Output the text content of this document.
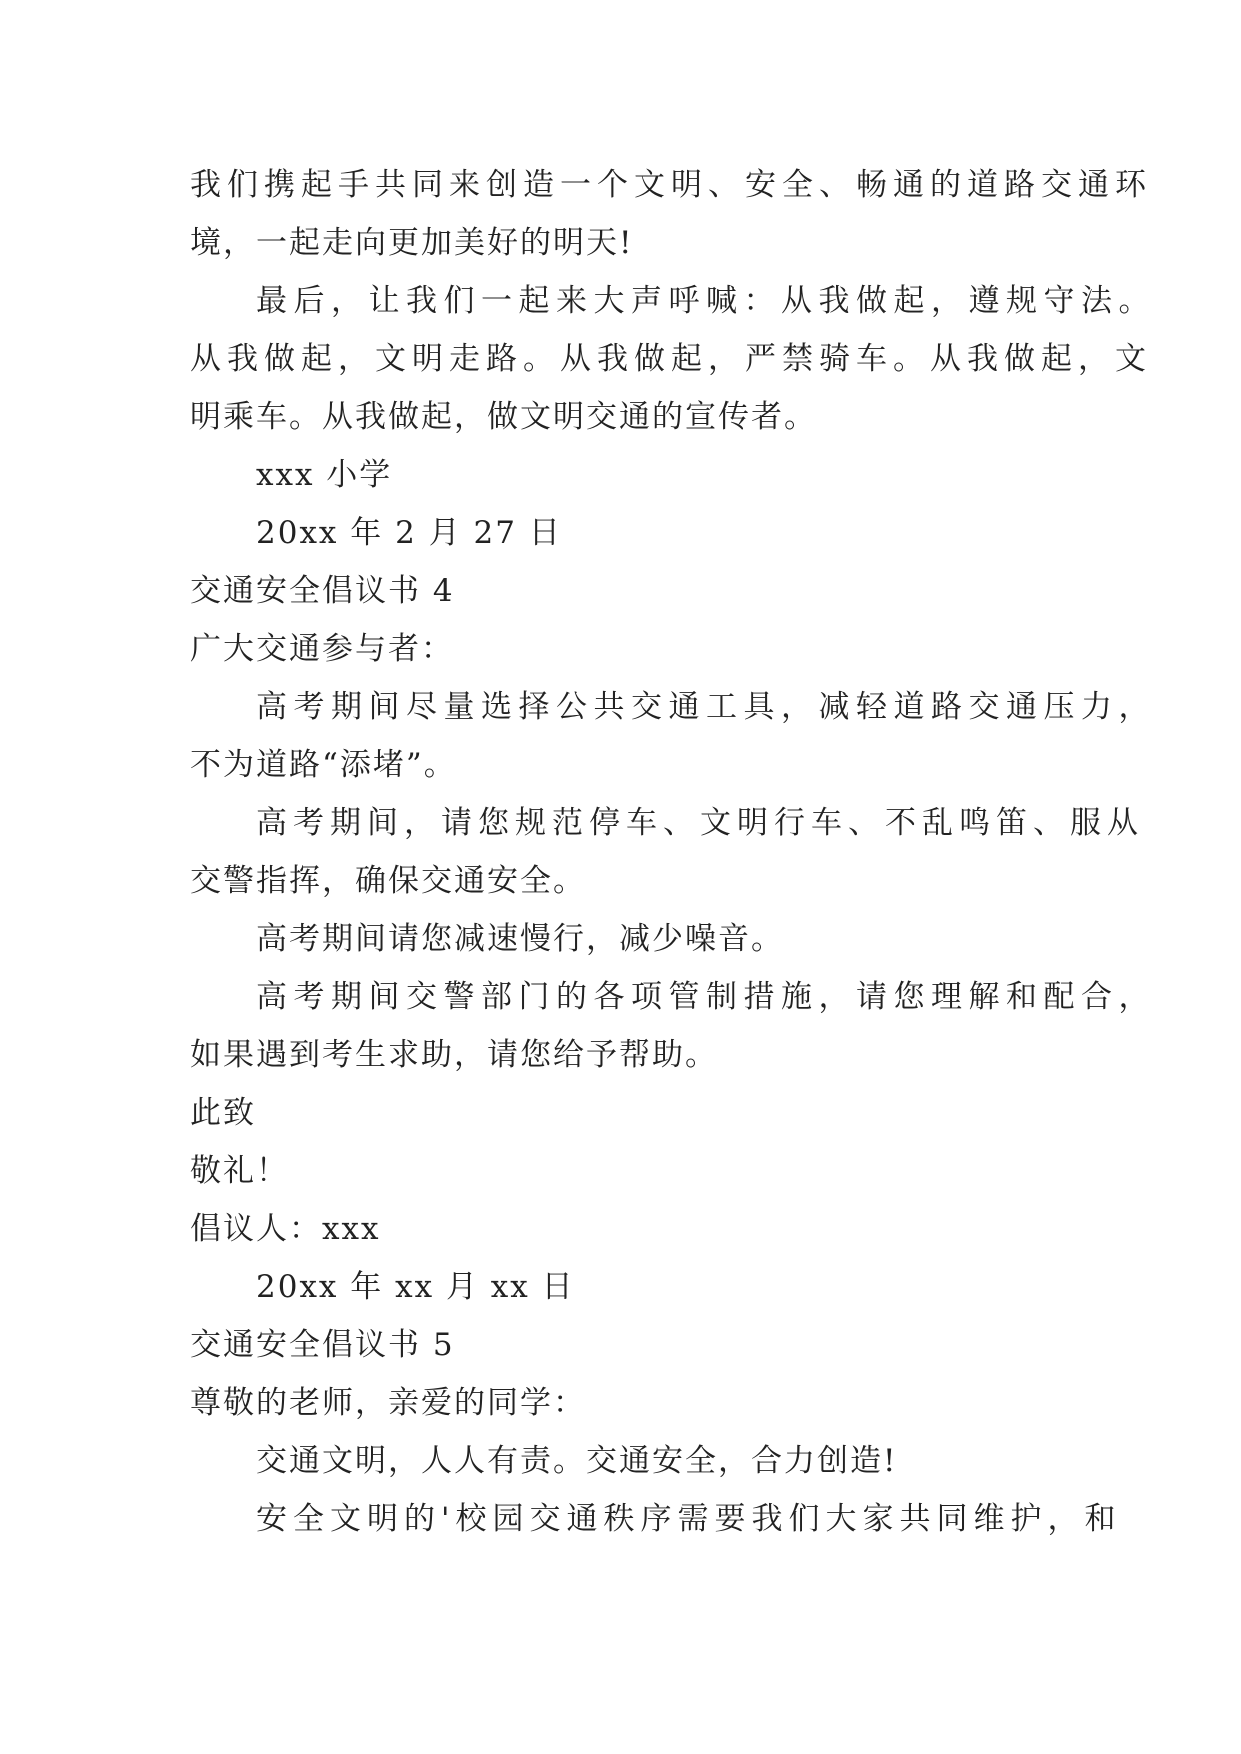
我们携起手共同来创造一个文明、安全、畅通的道路交通环
境，一起走向更加美好的明天!
最后，让我们一起来大声呼喊：从我做起，遵规守法。
从我做起，文明走路。从我做起，严禁骑车。从我做起，文
明乘车。从我做起，做文明交通的宣传者。
xxx 小学
20xx 年 2 月 27 日
交通安全倡议书 4
广大交通参与者：
高考期间尽量选择公共交通工具，减轻道路交通压力，
不为道路“添堵”。
高考期间，请您规范停车、文明行车、不乱鸣笛、服从
交警指挥，确保交通安全。
高考期间请您减速慢行，减少噪音。
高考期间交警部门的各项管制措施，请您理解和配合，
如果遇到考生求助，请您给予帮助。
此致
敬礼！
倡议人：xxx
20xx 年 xx 月 xx 日
交通安全倡议书 5
尊敬的老师，亲爱的同学：
交通文明，人人有责。交通安全，合力创造!
安全文明的'校园交通秩序需要我们大家共同维护，和
